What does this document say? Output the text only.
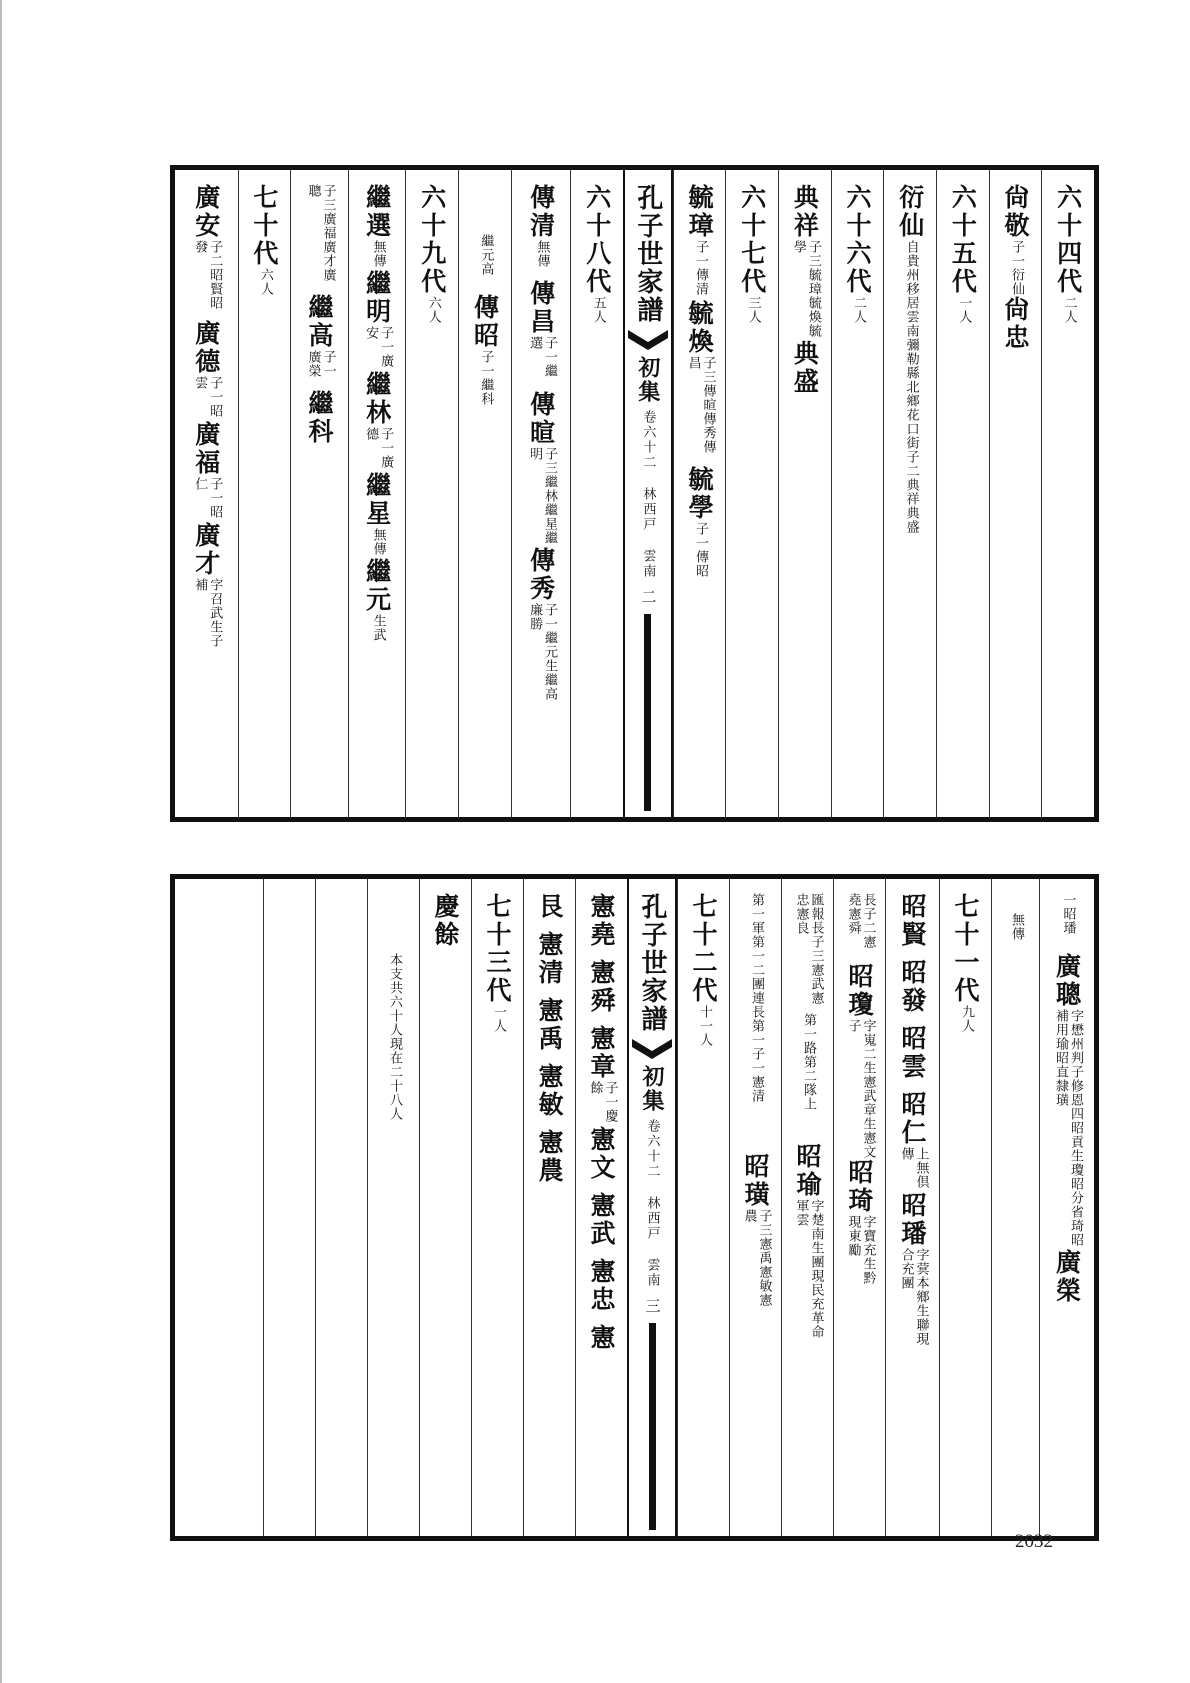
六十四代
二人
尙敬
子一衍仙
尙忠
六十五代
一人
衍仙
自貴州移居雲南彌勒縣北鄉花口街子二典祥典盛
六十六代
二人
典祥
子三毓璋毓煥毓學
典盛
六十七代
三人
毓璋
子一傳清
毓煥
子三傳暄傳秀傳昌
毓學
子一傳昭
孔子世家譜
初集
卷六十二 林西戸 雲南
二
六十八代
五人
傳清
無傳
傳昌
子一繼選
傳暄
子三繼林繼星繼明
傳秀
子一繼元生繼高廉勝
繼元高
傳昭
子一繼科
六十九代
六人
繼選
無傳
繼明
子一廣安
繼林
子一廣德
繼星
無傳
繼元
生武
子三廣福廣才廣聰
繼高
子一廣榮
繼科
七十代
六人
廣安
子二昭賢昭發
廣德
子一昭雲
廣福
子一昭仁
廣才
字召武生子補
一昭璠
廣聰
字懋州判子修恩四昭貢生瓊昭分省琦昭補用瑜昭直隸璜
廣榮
無傳
七十一代
九人
昭賢
昭發
昭雲
昭仁
上無倶傳
昭璠
字蓂本鄉生聯現合充團
長子二憲堯憲舜
昭瓊
字嵬二生憲武章生憲文子
昭琦
字寶充生黔現東勵
匯報長子三憲武憲忠憲良
第一路第二隊上
昭瑜
字楚南生團現民充革命軍雲
第一軍第一二團連長第一子一憲清
昭璜
子三憲禹憲敏憲農
七十二代
十一人
孔子世家譜
初集
卷六十二 林西戸 雲南
三
憲堯
憲舜
憲章
子一慶餘
憲文
憲武
憲忠
憲
艮
憲清
憲禹
憲敏
憲農
七十三代
一人
慶餘
本支共六十人現在二十八人
2032
